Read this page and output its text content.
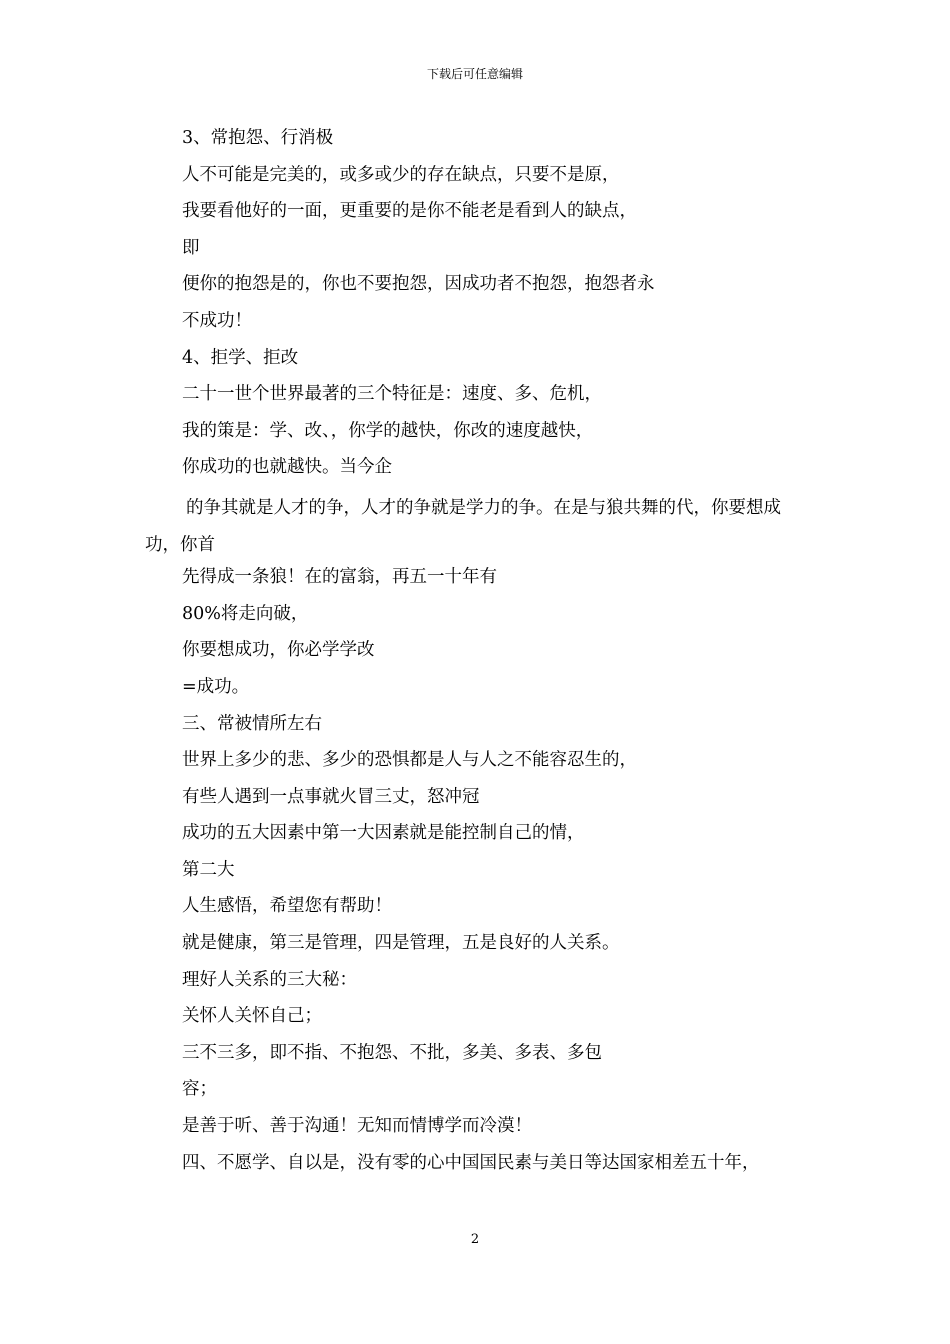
下载后可任意编辑
3、常抱怨、行消极
人不可能是完美的，或多或少的存在缺点，只要不是原，
我要看他好的一面，更重要的是你不能老是看到人的缺点，
即
便你的抱怨是的，你也不要抱怨，因成功者不抱怨，抱怨者永
不成功！
4、拒学、拒改
二十一世个世界最著的三个特征是：速度、多、危机，
我的策是：学、改、，你学的越快，你改的速度越快，
你成功的也就越快。当今企
的争其就是人才的争，人才的争就是学力的争。在是与狼共舞的代，你要想成功，你首
先得成一条狼！在的富翁，再五一十年有
80%将走向破，
你要想成功，你必学学改
=成功。
三、常被情所左右
世界上多少的悲、多少的恐惧都是人与人之不能容忍生的，
有些人遇到一点事就火冒三丈，怒冲冠
成功的五大因素中第一大因素就是能控制自己的情，
第二大
人生感悟，希望您有帮助！
就是健康，第三是管理，四是管理，五是良好的人关系。
理好人关系的三大秘：
关怀人关怀自己；
三不三多，即不指、不抱怨、不批，多美、多表、多包
容；
是善于听、善于沟通！无知而情博学而冷漠！
四、不愿学、自以是，没有零的心中国国民素与美日等达国家相差五十年，
2
